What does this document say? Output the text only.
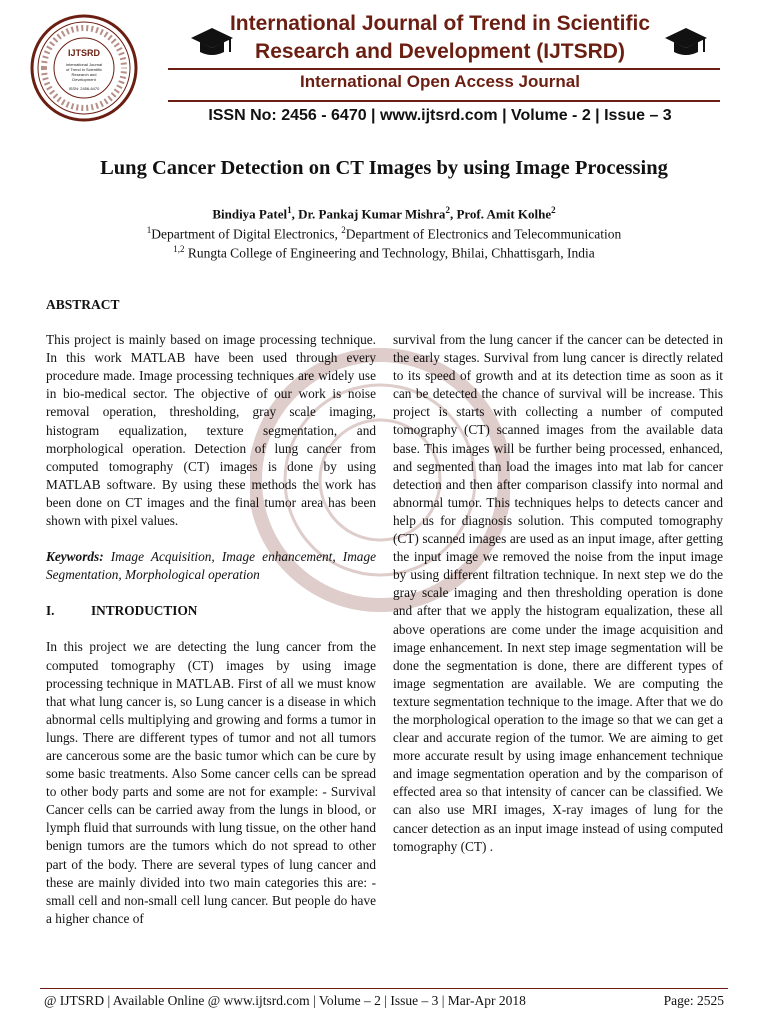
IJTSRD
International Journal
of Trend in Scientific
Research and
Development
ISSN: 2456-6470

International Journal of Trend in Scientific

Research and Development (IJTSRD)

International Open Access Journal

ISSN No: 2456 - 6470 | www.ijtsrd.com | Volume - 2 | Issue – 3

Lung Cancer Detection on CT Images by using Image Processing

Bindiya Patel$^1$, Dr. Pankaj Kumar Mishra$^2$, Prof. Amit Kolhe$^2$

$^1$Department of Digital Electronics, $^2$Department of Electronics and Telecommunication

$^{1,2}$ Rungta College of Engineering and Technology, Bhilai, Chhattisgarh, India

ABSTRACT

This project is mainly based on image processing technique. In this work MATLAB have been used through every procedure made. Image processing techniques are widely use in bio-medical sector. The objective of our work is noise removal operation, thresholding, gray scale imaging, histogram equalization, texture segmentation, and morphological operation. Detection of lung cancer from computed tomography (CT) images is done by using MATLAB software. By using these methods the work has been done on CT images and the final tumor area has been shown with pixel values.

Keywords: Image Acquisition, Image enhancement, Image Segmentation, Morphological operation

I.	INTRODUCTION

In this project we are detecting the lung cancer from the computed tomography (CT) images by using image processing technique in MATLAB. First of all we must know that what lung cancer is, so Lung cancer is a disease in which abnormal cells multiplying and growing and forms a tumor in lungs. There are different types of tumor and not all tumors are cancerous some are the basic tumor which can be cure by some basic treatments. Also Some cancer cells can be spread to other body parts and some are not for example: - Survival Cancer cells can be carried away from the lungs in blood, or lymph fluid that surrounds with lung tissue, on the other hand benign tumors are the tumors which do not spread to other part of the body. There are several types of lung cancer and these are mainly divided into two main categories this are: - small cell and non-small cell lung cancer. But people do have a higher chance of

survival from the lung cancer if the cancer can be detected in the early stages. Survival from lung cancer is directly related to its speed of growth and at its detection time as soon as it can be detected the chance of survival will be increase. This project is starts with collecting a number of computed tomography (CT) scanned images from the available data base. This images will be further being processed, enhanced, and segmented than load the images into mat lab for cancer detection and then after comparison classify into normal and abnormal tumor. This techniques helps to detects cancer and help us for diagnosis solution. This computed tomography (CT) scanned images are used as an input image, after getting the input image we removed the noise from the input image by using different filtration technique. In next step we do the gray scale imaging and then thresholding operation is done and after that we apply the histogram equalization, these all above operations are come under the image acquisition and image enhancement. In next step image segmentation will be done the segmentation is done, there are different types of image segmentation are available. We are computing the texture segmentation technique to the image. After that we do the morphological operation to the image so that we can get a clear and accurate region of the tumor. We are aiming to get more accurate result by using image enhancement technique and image segmentation operation and by the comparison of effected area so that intensity of cancer can be classified. We can also use MRI images, X-ray images of lung for the cancer detection as an input image instead of using computed tomography (CT) .

@ IJTSRD | Available Online @ www.ijtsrd.com | Volume – 2 | Issue – 3 | Mar-Apr 2018	Page: 2525
